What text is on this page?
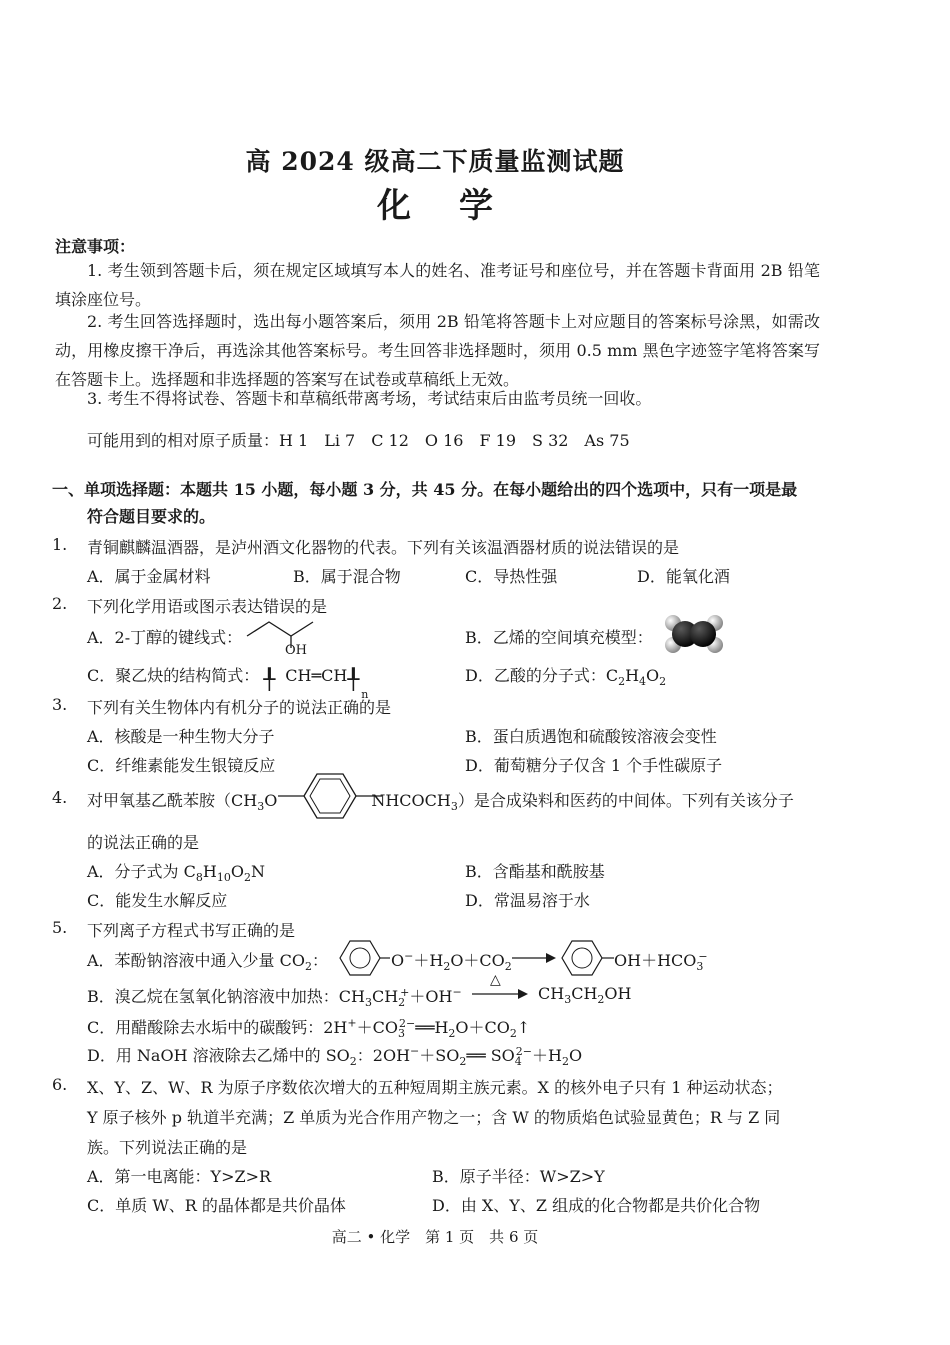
高 2024 级高二下质量监测试题
化学
注意事项：
1. 考生领到答题卡后，须在规定区域填写本人的姓名、准考证号和座位号，并在答题卡背面用 2B 铅笔填涂座位号。
2. 考生回答选择题时，选出每小题答案后，须用 2B 铅笔将答题卡上对应题目的答案标号涂黑，如需改动，用橡皮擦干净后，再选涂其他答案标号。考生回答非选择题时，须用 0.5 mm 黑色字迹签字笔将答案写在答题卡上。选择题和非选择题的答案写在试卷或草稿纸上无效。
3. 考生不得将试卷、答题卡和草稿纸带离考场，考试结束后由监考员统一回收。
可能用到的相对原子质量：H 1　Li 7　C 12　O 16　F 19　S 32　As 75
一、单项选择题：本题共 15 小题，每小题 3 分，共 45 分。在每小题给出的四个选项中，只有一项是最
符合题目要求的。
1. 青铜麒麟温酒器，是泸州酒文化器物的代表。下列有关该温酒器材质的说法错误的是
A．属于金属材料	B．属于混合物	C．导热性强	D．能氧化酒
2. 下列化学用语或图示表达错误的是
A．2-丁醇的键线式：
OH
B．乙烯的空间填充模型：
C．聚乙炔的结构简式： ╀ CH═CH ╀
n
D．乙酸的分子式：$C_2H_4O_2$
3. 下列有关生物体内有机分子的说法正确的是
A．核酸是一种生物大分子	B．蛋白质遇饱和硫酸铵溶液会变性
C．纤维素能发生银镜反应	D．葡萄糖分子仅含 1 个手性碳原子
4. 对甲氧基乙酰苯胺（$CH_3O$	$NHCOCH_3$）是合成染料和医药的中间体。下列有关该分子
的说法正确的是
A．分子式为 $C_8H_{10}O_2N$	B．含酯基和酰胺基
C．能发生水解反应	D．常温易溶于水
5. 下列离子方程式书写正确的是
A．苯酚钠溶液中通入少量 $CO_2$：	$O^-+H_2O+CO_2$	$OH+HCO_3^-$
B．溴乙烷在氢氧化钠溶液中加热：$CH_3CH_2^++OH^-$
△
$CH_3CH_2OH$
C．用醋酸除去水垢中的碳酸钙：$2H^++CO_3^{2-}══H_2O+CO_2↑$
D．用 NaOH 溶液除去乙烯中的 $SO_2$：$2OH^-+SO_2══$ $SO_4^{2-}+H_2O$
6. X、Y、Z、W、R 为原子序数依次增大的五种短周期主族元素。X 的核外电子只有 1 种运动状态；
Y 原子核外 p 轨道半充满；Z 单质为光合作用产物之一；含 W 的物质焰色试验显黄色；R 与 Z 同
族。下列说法正确的是
A．第一电离能：Y>Z>R	B．原子半径：W>Z>Y
C．单质 W、R 的晶体都是共价晶体	D．由 X、Y、Z 组成的化合物都是共价化合物
高二 • 化学　第 1 页　共 6 页
